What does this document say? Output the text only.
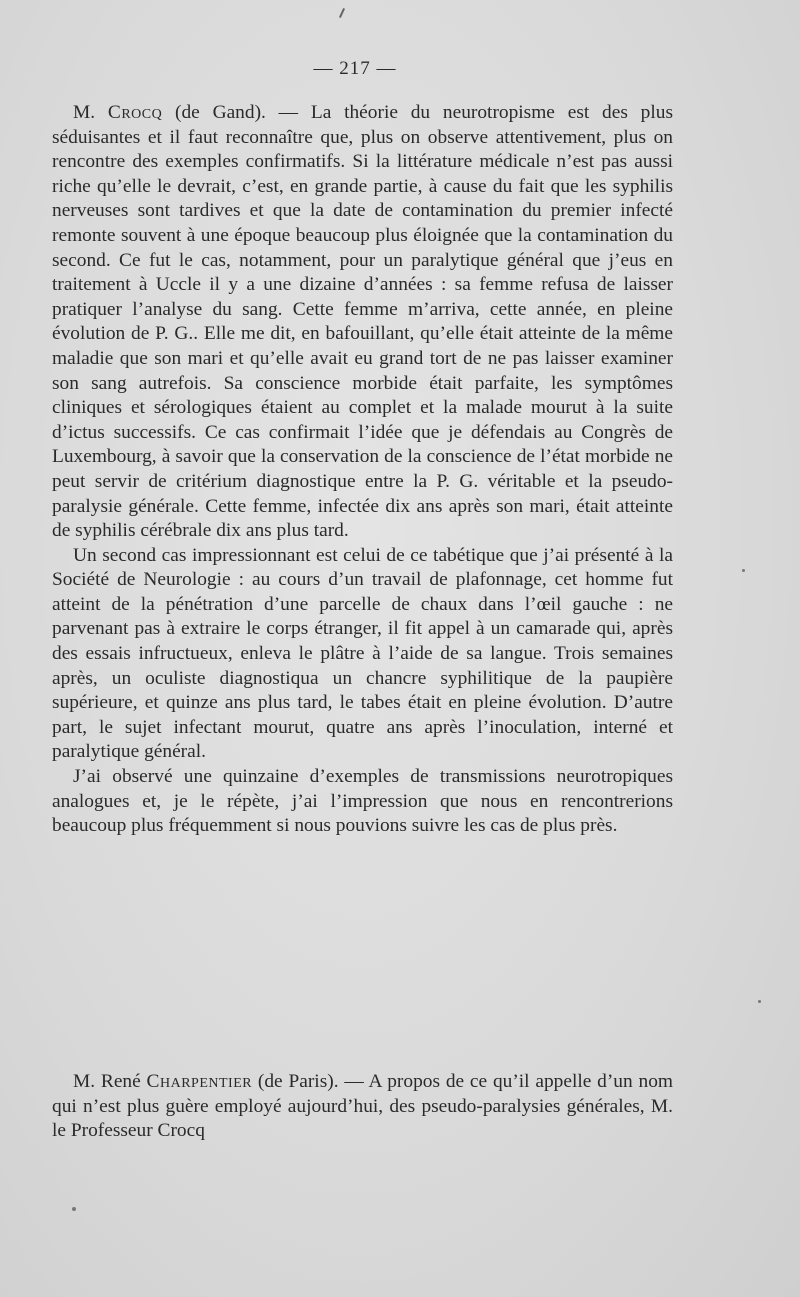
— 217 —

M. Crocq (de Gand). — La théorie du neurotropisme est des plus séduisantes et il faut reconnaître que, plus on observe attentivement, plus on rencontre des exemples confirmatifs. Si la littérature médicale n’est pas aussi riche qu’elle le devrait, c’est, en grande partie, à cause du fait que les syphilis nerveuses sont tardives et que la date de contamination du premier infecté remonte souvent à une époque beaucoup plus éloignée que la contamination du second. Ce fut le cas, notamment, pour un paralytique général que j’eus en traitement à Uccle il y a une dizaine d’années : sa femme refusa de laisser pratiquer l’analyse du sang. Cette femme m’arriva, cette année, en pleine évolution de P. G.. Elle me dit, en bafouillant, qu’elle était atteinte de la même maladie que son mari et qu’elle avait eu grand tort de ne pas laisser examiner son sang autrefois. Sa conscience morbide était parfaite, les symptômes cliniques et sérologiques étaient au complet et la malade mourut à la suite d’ictus successifs. Ce cas confirmait l’idée que je défendais au Congrès de Luxembourg, à savoir que la conservation de la conscience de l’état morbide ne peut servir de critérium diagnostique entre la P. G. véritable et la pseudo-paralysie générale. Cette femme, infectée dix ans après son mari, était atteinte de syphilis cérébrale dix ans plus tard.

Un second cas impressionnant est celui de ce tabétique que j’ai présenté à la Société de Neurologie : au cours d’un travail de plafonnage, cet homme fut atteint de la pénétration d’une parcelle de chaux dans l’œil gauche : ne parvenant pas à extraire le corps étranger, il fit appel à un camarade qui, après des essais infructueux, enleva le plâtre à l’aide de sa langue. Trois semaines après, un oculiste diagnostiqua un chancre syphilitique de la paupière supérieure, et quinze ans plus tard, le tabes était en pleine évolution. D’autre part, le sujet infectant mourut, quatre ans après l’inoculation, interné et paralytique général.

J’ai observé une quinzaine d’exemples de transmissions neurotropiques analogues et, je le répète, j’ai l’impression que nous en rencontrerions beaucoup plus fréquemment si nous pouvions suivre les cas de plus près.

M. René Charpentier (de Paris). — A propos de ce qu’il appelle d’un nom qui n’est plus guère employé aujourd’hui, des pseudo-paralysies générales, M. le Professeur Crocq
